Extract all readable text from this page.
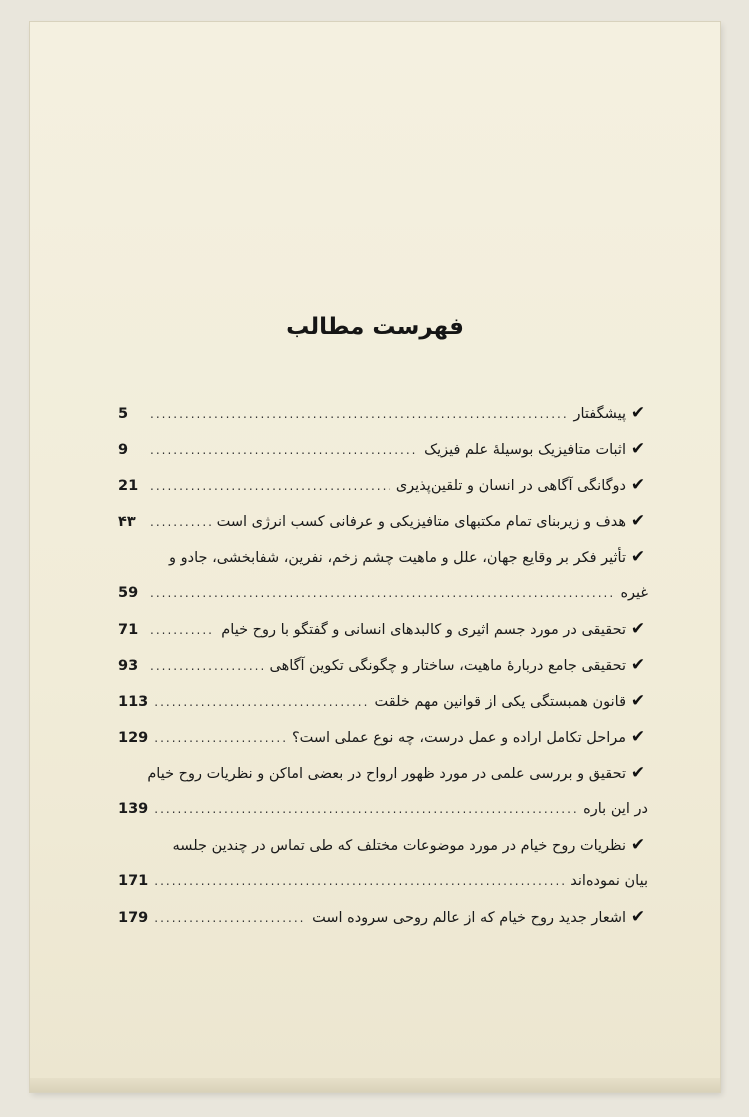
فهرست مطالب
✔
پیشگفتار
.....
5
✔
اثبات متافیزیک بوسیلهٔ علم فیزیک
.....
9
✔
دوگانگی آگاهی در انسان و تلقین‌پذیری
.....
21
✔
هدف و زیربنای تمام مکتبهای متافیزیکی و عرفانی کسب انرژی است
.....
۴۳
✔
تأثیر فکر بر وقایع جهان، علل و ماهیت چشم زخم، نفرین، شفابخشی، جادو و
غیره
.....
59
✔
تحقیقی در مورد جسم اثیری و کالبدهای انسانی و گفتگو با روح خیام
.....
71
✔
تحقیقی جامع دربارهٔ ماهیت، ساختار و چگونگی تکوین آگاهی
.....
93
✔
قانون همبستگی یکی از قوانین مهم خلقت
.....
113
✔
مراحل تکامل اراده و عمل درست، چه نوع عملی است؟
.....
129
✔
تحقیق و بررسی علمی در مورد ظهور ارواح در بعضی اماکن و نظریات روح خیام
در این باره
.....
139
✔
نظریات روح خیام در مورد موضوعات مختلف که طی تماس در چندین جلسه
بیان نموده‌اند
.....
171
✔
اشعار جدید روح خیام که از عالم روحی سروده است
.....
179
